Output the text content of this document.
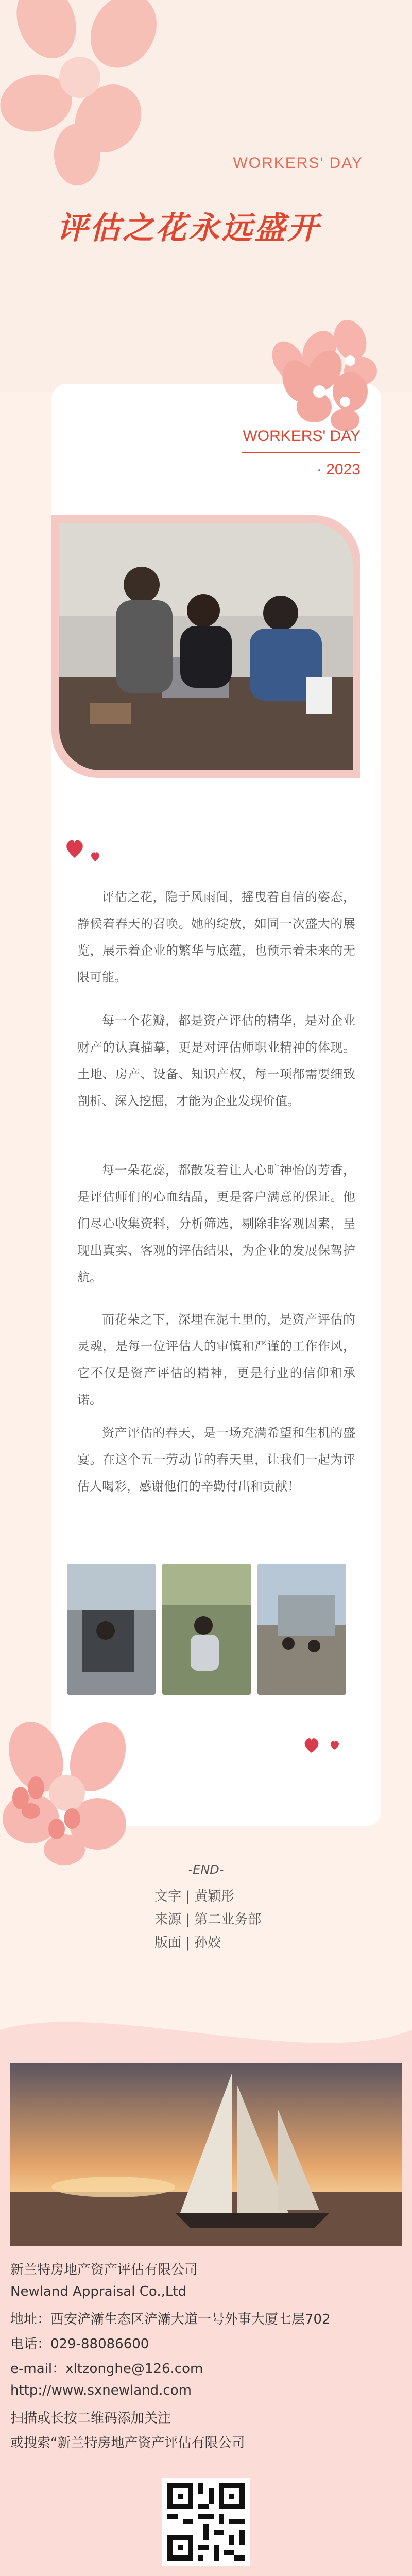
WORKERS' DAY
评估之花永远盛开
WORKERS' DAY
· 2023

评估之花，隐于风雨间，摇曳着自信的姿态，静候着春天的召唤。她的绽放，如同一次盛大的展览，展示着企业的繁华与底蕴，也预示着未来的无限可能。

每一个花瓣，都是资产评估的精华，是对企业财产的认真描摹，更是对评估师职业精神的体现。土地、房产、设备、知识产权，每一项都需要细致剖析、深入挖掘，才能为企业发现价值。

每一朵花蕊，都散发着让人心旷神怡的芳香，是评估师们的心血结晶，更是客户满意的保证。他们尽心收集资料，分析筛选，剔除非客观因素，呈现出真实、客观的评估结果，为企业的发展保驾护航。

而花朵之下，深埋在泥土里的，是资产评估的灵魂，是每一位评估人的审慎和严谨的工作作风，它不仅是资产评估的精神，更是行业的信仰和承诺。

资产评估的春天，是一场充满希望和生机的盛宴。在这个五一劳动节的春天里，让我们一起为评估人喝彩，感谢他们的辛勤付出和贡献！

-END-
文字 | 黄颖彤
来源 | 第二业务部
版面 | 孙姣
新兰特房地产资产评估有限公司
Newland Appraisal Co.,Ltd
地址：西安浐灞生态区浐灞大道一号外事大厦七层702
电话：029-88086600
e-mail：xltzonghe@126.com
http://www.sxnewland.com
扫描或长按二维码添加关注
或搜索“新兰特房地产资产评估有限公司
